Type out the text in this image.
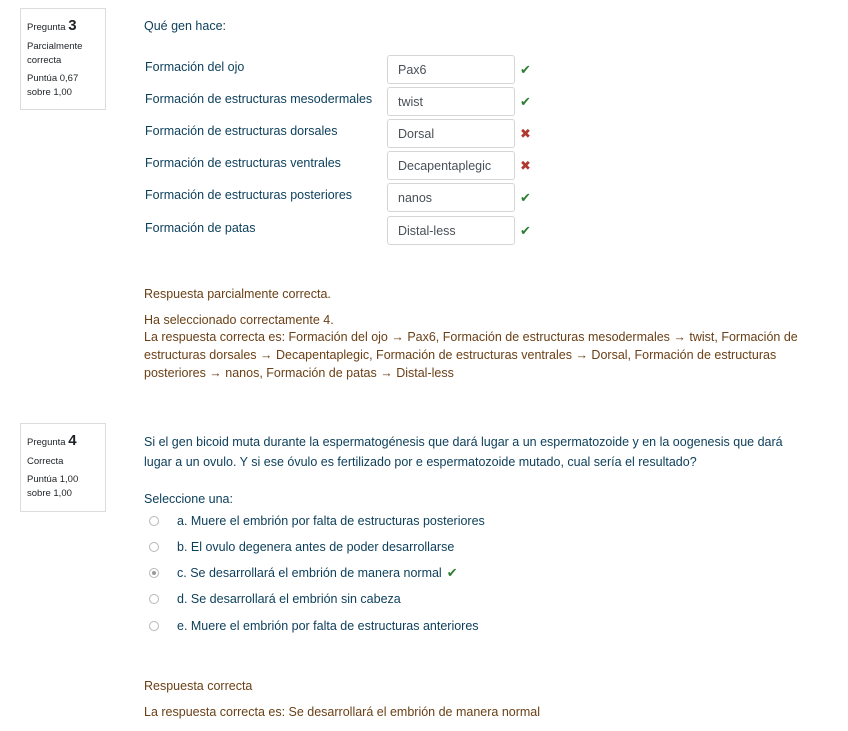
Pregunta 3
Parcialmente correcta
Puntúa 0,67 sobre 1,00
Qué gen hace:
Formación del ojo	Pax6	✔
Formación de estructuras mesodermales	twist	✔
Formación de estructuras dorsales	Dorsal	✖
Formación de estructuras ventrales	Decapentaplegic	✖
Formación de estructuras posteriores	nanos	✔
Formación de patas	Distal-less	✔
Respuesta parcialmente correcta.
Ha seleccionado correctamente 4.
La respuesta correcta es: Formación del ojo → Pax6, Formación de estructuras mesodermales → twist, Formación de estructuras dorsales → Decapentaplegic, Formación de estructuras ventrales → Dorsal, Formación de estructuras posteriores → nanos, Formación de patas → Distal-less
Pregunta 4
Correcta
Puntúa 1,00 sobre 1,00
Si el gen bicoid muta durante la espermatogénesis que dará lugar a un espermatozoide y en la oogenesis que dará lugar a un ovulo. Y si ese óvulo es fertilizado por e espermatozoide mutado, cual sería el resultado?
Seleccione una:
a. Muere el embrión por falta de estructuras posteriores
b. El ovulo degenera antes de poder desarrollarse
c. Se desarrollará el embrión de manera normal ✔
d. Se desarrollará el embrión sin cabeza
e. Muere el embrión por falta de estructuras anteriores
Respuesta correcta
La respuesta correcta es: Se desarrollará el embrión de manera normal
